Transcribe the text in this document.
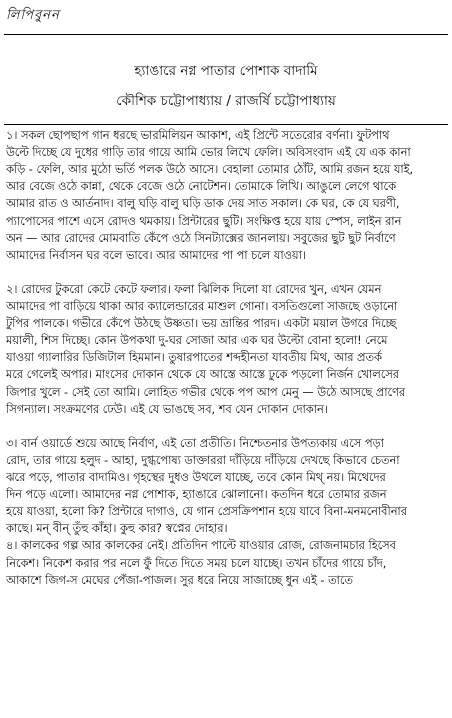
লিপিবুনন
হ্যাঙারে নগ্ন পাতার পোশাক বাদামি
কৌশিক চট্টোপাধ্যায় / রাজর্ষি চট্টোপাধ্যায়
১। সকল ছোপছাপ গান ধরছে ভারমিলিয়ন আকাশ, এই প্রিন্টে সতেরোর বর্ণনা। ফুটপাথ
উল্টে দিচ্ছে যে দুধের গাড়ি তার গায়ে আমি ভোর লিখে ফেলি। অবিসংবাদ এই যে এক কানা
কড়ি - ফেলি, আর মুঠো ভর্তি পলক উঠে আসে। বেহালা তোমার ঠোঁট, আমি রজন হয়ে যাই,
আর বেজে ওঠে কান্না, থেকে বেজে ওঠে নোটেশন। তোমাকে লিখি। আঙুলে লেগে থাকে
আমার রাত ও আর্তনাদ। বালু ঘড়ি বালু ঘড়ি ডাক দেয় সাত সকাল। কে ঘর, কে যে ঘরণী,
প্যাপোসের পাশে এসে রোদও থমকায়। প্রিন্টারের ছুটি। সংক্ষিপ্ত হয়ে যায় স্পেস, লাইন রান
অন — আর রোদের মোমবাতি কেঁপে ওঠে সিনট্যাক্সের জানলায়। সবুজের ছুট ছুট নির্বাণে
আমাদের নির্বাসন ঘর বলে ভাবে। আর আমাদের পা পা চলে যাওয়া।
২। রোদের টুকরো কেটে কেটে ফলার। ফলা ঝিলিক দিলো যা রোদের খুন, এখন যেমন
আমাদের পা বাড়িয়ে থাকা আর ক্যালেন্ডারের মাশুল গোনা। বসতিগুলো সাজছে ওড়ানো
টুপির পালকে। গভীরে কেঁপে উঠছে উষ্ণতা। ভয় ভ্রান্তির পারদ। একটা ময়াল উগরে দিচ্ছে
ময়ালী, শিস দিচ্ছে। কোন উপকথা দু-ঘর সোজা আর এক ঘর উল্টো বোনা হলো! নেমে
যাওয়া গ্যালারির ডিজিটাল হিমমান। তুষারপাতের শব্দহীনতা যাবতীয় মিথ, আর প্রতর্ক
মরে গেলেই অপার। মাংসের দোকান থেকে যে আস্তে আস্তে ঢুকে পড়লো নির্জন খোলসের
জিপার খুলে - সেই তো আমি। লোহিত গভীর থেকে পপ আপ মেনু — উঠে আসছে প্রাণের
সিগন্যাল। সংক্রমণের ঢেউ। এই যে ভাঙছে সব, শব যেন দোকান দোকান।
৩। বার্ন ওয়ার্ডে শুয়ে আছে নির্বাণ, এই তো প্রতীতি। নিশ্চেতনার উপত্যকায় এসে পড়া
রোদ, তার গায়ে হলুদ - আহা, দুগ্ধপোষ্য ডাক্তাররা দাঁড়িয়ে দাঁড়িয়ে দেখছে কিভাবে চেতনা
ঝরে পড়ে, পাতার বাদামিও। গৃহস্থের দুধও উথলে যাচ্ছে, তবে কোন মিথ্ নয়। মিথেদের
দিন পড়ে এলো। আমাদের নগ্ন পোশাক, হ্যাঙারে ঝোলানো। কতদিন ধরে তোমার রজন
হয়ে যাওয়া, হলো কি? প্রিন্টারে দাগাও, যে গান প্রেসক্রিপশান হয়ে যাবে বিনা-মনমনোবীনার
কাছে। মন্ বীন্ তুঁহু কাঁহা। কুহু কার? স্বপ্নের দোহার।
৪। কালকের গল্প আর কালকের নেই। প্রতিদিন পাল্টে যাওয়ার রোজ, রোজনামচার হিসেব
নিকেশ। নিকেশ করার পর নলে ফুঁ দিতে দিতে সময় চলে যাচ্ছে। তখন চাঁদের গায়ে চাঁদ,
আকাশে জিগ-স মেঘের পেঁজা-পাজল। সুর ধরে নিয়ে সাজাচ্ছে ধুন এই - তাতে
